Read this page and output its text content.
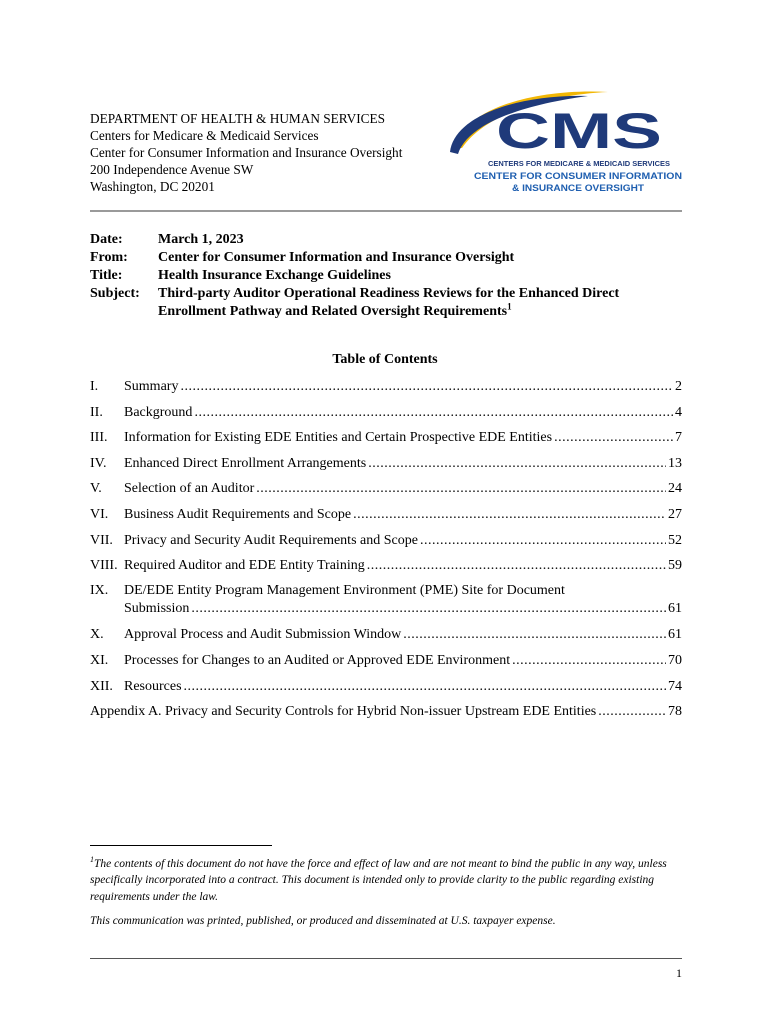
DEPARTMENT OF HEALTH & HUMAN SERVICES
Centers for Medicare & Medicaid Services
Center for Consumer Information and Insurance Oversight
200 Independence Avenue SW
Washington, DC 20201
CMS
CENTERS FOR MEDICARE & MEDICAID SERVICES
CENTER FOR CONSUMER INFORMATION
& INSURANCE OVERSIGHT
Date:	March 1, 2023
From:	Center for Consumer Information and Insurance Oversight
Title:	Health Insurance Exchange Guidelines
Subject:	Third-party Auditor Operational Readiness Reviews for the Enhanced Direct
Enrollment Pathway and Related Oversight Requirements$^1$
Table of Contents
I.	Summary .....	2
II.	Background .....	4
III.	Information for Existing EDE Entities and Certain Prospective EDE Entities .....	7
IV.	Enhanced Direct Enrollment Arrangements .....	13
V.	Selection of an Auditor .....	24
VI.	Business Audit Requirements and Scope .....	27
VII. Privacy and Security Audit Requirements and Scope .....	52
VIII. Required Auditor and EDE Entity Training .....	59
IX.	DE/EDE Entity Program Management Environment (PME) Site for Document
Submission .....	61
X.	Approval Process and Audit Submission Window .....	61
XI.	Processes for Changes to an Audited or Approved EDE Environment .....	70
XII. Resources .....	74
Appendix A. Privacy and Security Controls for Hybrid Non-issuer Upstream EDE Entities .....	78
$^1$The contents of this document do not have the force and effect of law and are not meant to bind the public in any way, unless specifically incorporated into a contract. This document is intended only to provide clarity to the public regarding existing requirements under the law.
This communication was printed, published, or produced and disseminated at U.S. taxpayer expense.
1
